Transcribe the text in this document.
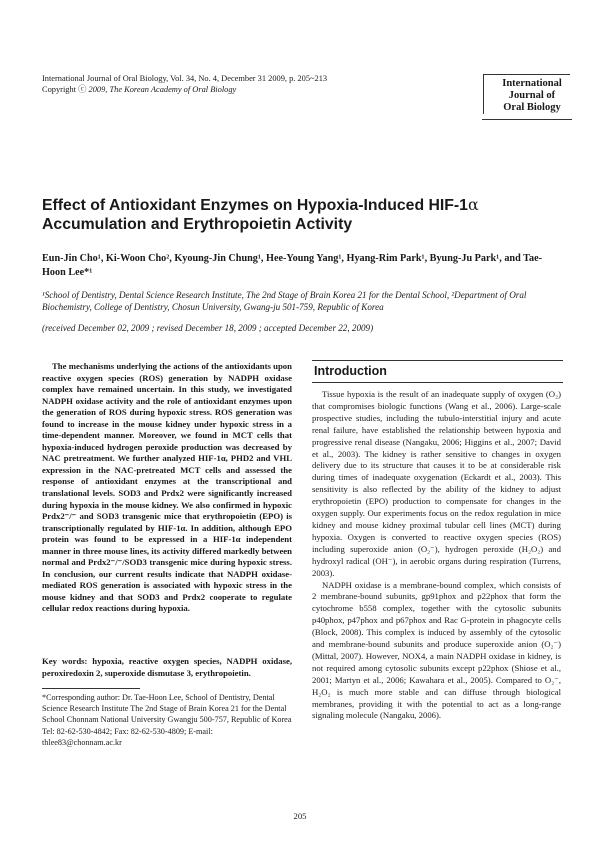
International Journal of Oral Biology, Vol. 34, No. 4, December 31 2009, p. 205~213
Copyright ⓒ 2009, The Korean Academy of Oral Biology
International
Journal of
Oral Biology
Effect of Antioxidant Enzymes on Hypoxia-Induced HIF-1α Accumulation and Erythropoietin Activity
Eun-Jin Cho¹, Ki-Woon Cho², Kyoung-Jin Chung¹, Hee-Young Yang¹, Hyang-Rim Park¹, Byung-Ju Park¹, and Tae-Hoon Lee*¹
¹School of Dentistry, Dental Science Research Institute, The 2nd Stage of Brain Korea 21 for the Dental School, ²Department of Oral Biochemistry, College of Dentistry, Chosun University, Gwang-ju 501-759, Republic of Korea
(received December 02, 2009 ; revised December 18, 2009 ; accepted December 22, 2009)
The mechanisms underlying the actions of the antioxidants upon reactive oxygen species (ROS) generation by NADPH oxidase complex have remained uncertain. In this study, we investigated NADPH oxidase activity and the role of antioxidant enzymes upon the generation of ROS during hypoxic stress. ROS generation was found to increase in the mouse kidney under hypoxic stress in a time-dependent manner. Moreover, we found in MCT cells that hypoxia-induced hydrogen peroxide production was decreased by NAC pretreatment. We further analyzed HIF-1α, PHD2 and VHL expression in the NAC-pretreated MCT cells and assessed the response of antioxidant enzymes at the transcriptional and translational levels. SOD3 and Prdx2 were significantly increased during hypoxia in the mouse kidney. We also confirmed in hypoxic Prdx2⁻/⁻ and SOD3 transgenic mice that erythropoietin (EPO) is transcriptionally regulated by HIF-1α. In addition, although EPO protein was found to be expressed in a HIF-1α independent manner in three mouse lines, its activity differed markedly between normal and Prdx2⁻/⁻/SOD3 transgenic mice during hypoxic stress. In conclusion, our current results indicate that NADPH oxidase-mediated ROS generation is associated with hypoxic stress in the mouse kidney and that SOD3 and Prdx2 cooperate to regulate cellular redox reactions during hypoxia.
Key words: hypoxia, reactive oxygen species, NADPH oxidase, peroxiredoxin 2, superoxide dismutase 3, erythropoietin.
*Corresponding author: Dr. Tae-Hoon Lee, School of Dentistry, Dental Science Research Institute The 2nd Stage of Brain Korea 21 for the Dental School Chonnam National University Gwangju 500-757, Republic of Korea Tel: 82-62-530-4842; Fax: 82-62-530-4809; E-mail: thlee83@chonnam.ac.kr
Introduction

Tissue hypoxia is the result of an inadequate supply of oxygen (O₂) that compromises biologic functions (Wang et al., 2006). Large-scale prospective studies, including the tubulo-interstitial injury and acute renal failure, have established the relationship between hypoxia and progressive renal disease (Nangaku, 2006; Higgins et al., 2007; David et al., 2003). The kidney is rather sensitive to changes in oxygen delivery due to its structure that causes it to be at considerable risk during times of inadequate oxygenation (Eckardt et al., 2003). This sensitivity is also reflected by the ability of the kidney to adjust erythropoietin (EPO) production to compensate for changes in the oxygen supply. Our experiments focus on the redox regulation in mice kidney and mouse kidney proximal tubular cell lines (MCT) during hypoxia. Oxygen is converted to reactive oxygen species (ROS) including superoxide anion (O₂⁻), hydrogen peroxide (H₂O₂) and hydroxyl radical (OH⁻), in aerobic organs during respiration (Turrens, 2003).

NADPH oxidase is a membrane-bound complex, which consists of 2 membrane-bound subunits, gp91phox and p22phox that form the cytochrome b558 complex, together with the cytosolic subunits p40phox, p47phox and p67phox and Rac G-protein in phagocyte cells (Block, 2008). This complex is induced by assembly of the cytosolic and membrane-bound subunits and produce superoxide anion (O₂⁻) (Mittal, 2007). However, NOX4, a main NADPH oxidase in kidney, is not required among cytosolic subunits except p22phox (Shiose et al., 2001; Martyn et al., 2006; Kawahara et al., 2005). Compared to O₂⁻, H₂O₂ is much more stable and can diffuse through biological membranes, providing it with the potential to act as a long-range signaling molecule (Nangaku, 2006).

205
